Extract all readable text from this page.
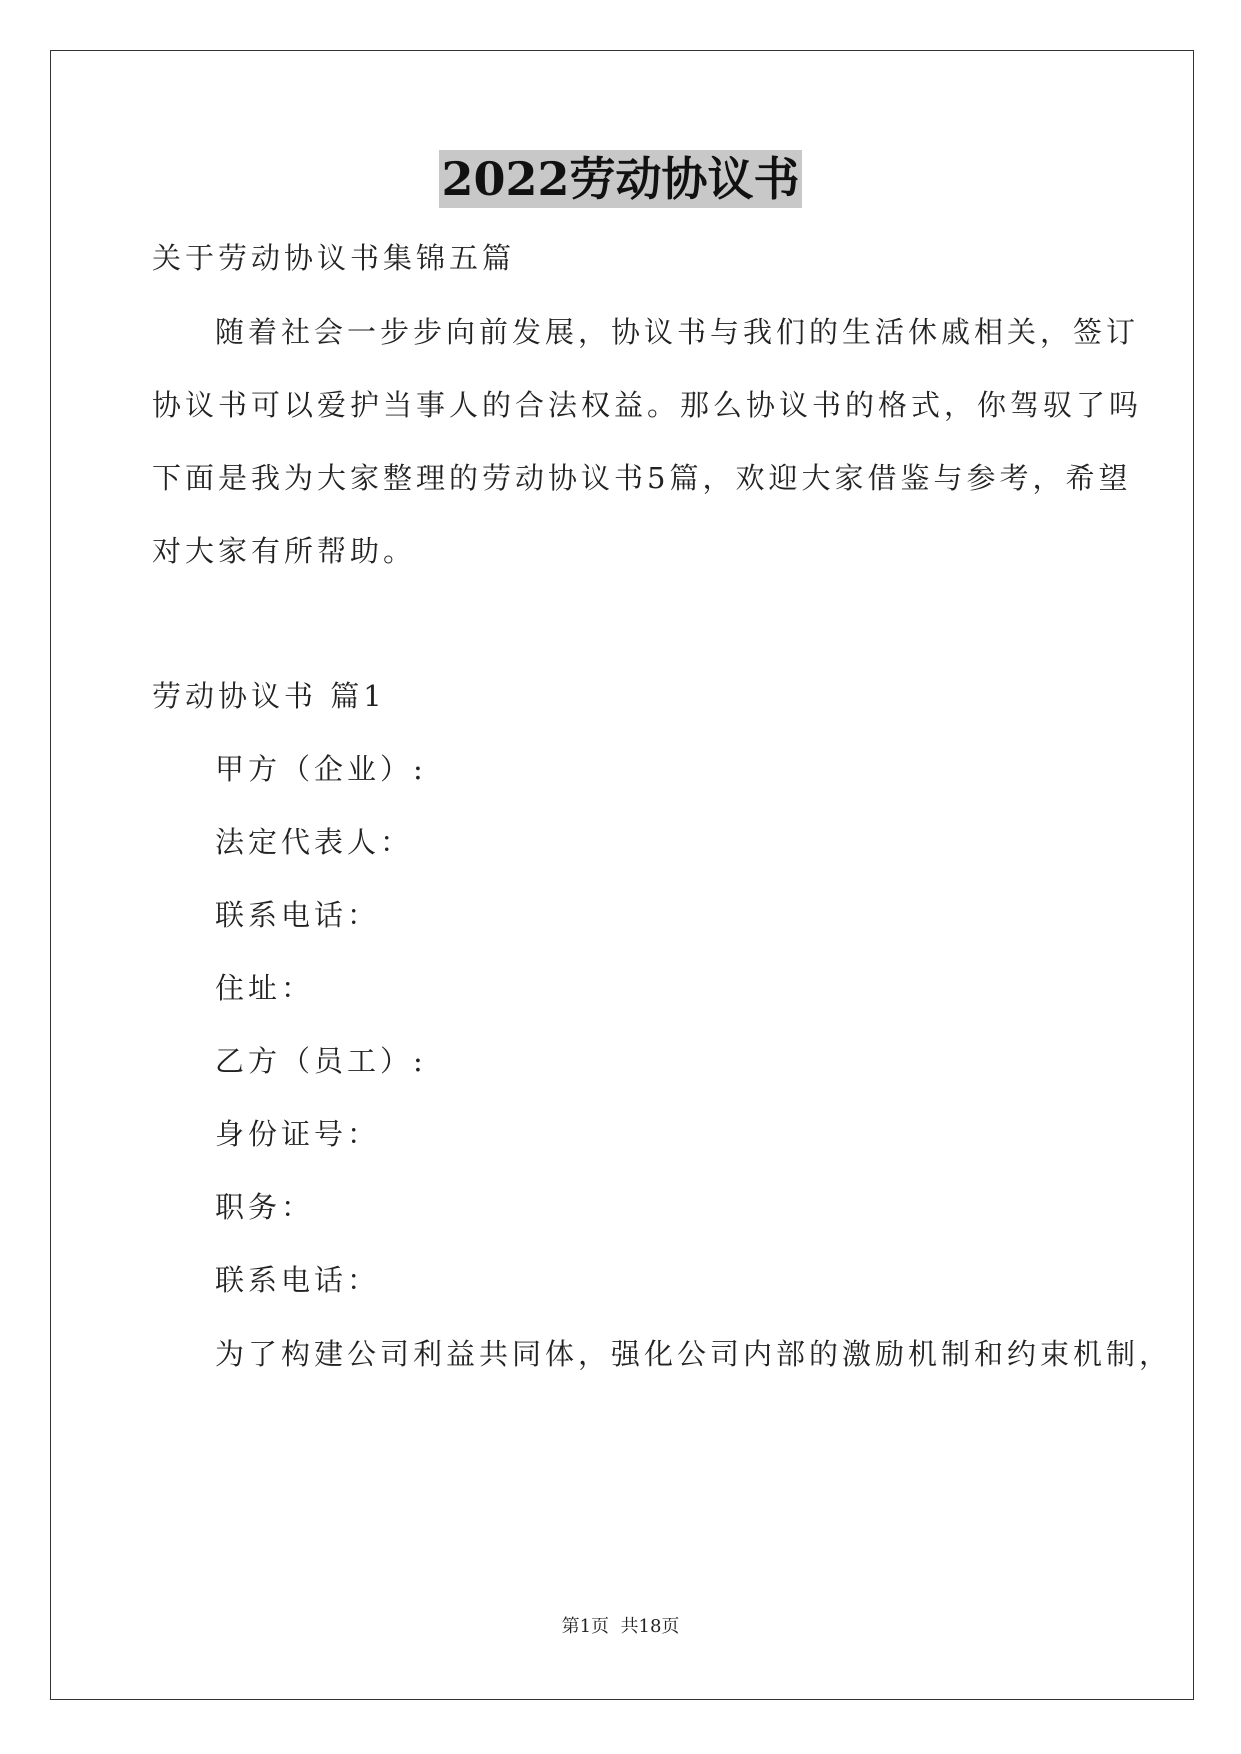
2022劳动协议书
关于劳动协议书集锦五篇
随着社会一步步向前发展，协议书与我们的生活休戚相关，签订
协议书可以爱护当事人的合法权益。那么协议书的格式，你驾驭了吗
下面是我为大家整理的劳动协议书5篇，欢迎大家借鉴与参考，希望
对大家有所帮助。
劳动协议书 篇1
甲方（企业）:
法定代表人：
联系电话：
住址：
乙方（员工）:
身份证号：
职务：
联系电话：
为了构建公司利益共同体，强化公司内部的激励机制和约束机制，
第1页  共18页
